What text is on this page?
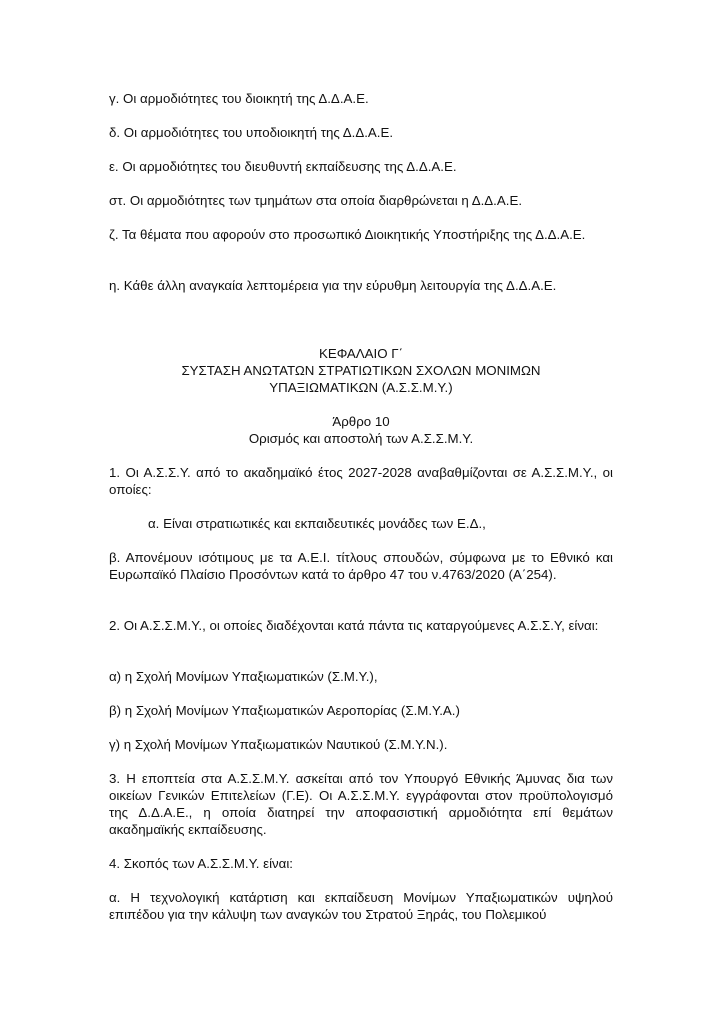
γ. Οι αρμοδιότητες του διοικητή της Δ.Δ.Α.Ε.

δ. Οι αρμοδιότητες του υποδιοικητή της Δ.Δ.Α.Ε.

ε. Οι αρμοδιότητες του διευθυντή εκπαίδευσης της Δ.Δ.Α.Ε.

στ. Οι αρμοδιότητες των τμημάτων στα οποία διαρθρώνεται η Δ.Δ.Α.Ε.

ζ. Τα θέματα που αφορούν στο προσωπικό Διοικητικής Υποστήριξης της Δ.Δ.Α.Ε.

η. Κάθε άλλη αναγκαία λεπτομέρεια για την εύρυθμη λειτουργία της Δ.Δ.Α.Ε.

ΚΕΦΑΛΑΙΟ Γ΄

ΣΥΣΤΑΣΗ ΑΝΩΤΑΤΩΝ ΣΤΡΑΤΙΩΤΙΚΩΝ ΣΧΟΛΩΝ ΜΟΝΙΜΩΝ

ΥΠΑΞΙΩΜΑΤΙΚΩΝ (Α.Σ.Σ.Μ.Υ.)

Άρθρο 10

Ορισμός και αποστολή των Α.Σ.Σ.Μ.Υ.

1. Οι Α.Σ.Σ.Υ. από το ακαδημαϊκό έτος 2027-2028 αναβαθμίζονται σε Α.Σ.Σ.Μ.Υ., οι οποίες:

α. Είναι στρατιωτικές και εκπαιδευτικές μονάδες των Ε.Δ.,

β. Απονέμουν ισότιμους με τα Α.Ε.Ι. τίτλους σπουδών, σύμφωνα με το Εθνικό και Ευρωπαϊκό Πλαίσιο Προσόντων κατά το άρθρο 47 του ν.4763/2020 (Α΄254).

2. Οι Α.Σ.Σ.Μ.Υ., οι οποίες διαδέχονται κατά πάντα τις καταργούμενες Α.Σ.Σ.Υ, είναι:

α) η Σχολή Μονίμων Υπαξιωματικών (Σ.Μ.Υ.),

β) η Σχολή Μονίμων Υπαξιωματικών Αεροπορίας (Σ.Μ.Υ.Α.)

γ) η Σχολή Μονίμων Υπαξιωματικών Ναυτικού (Σ.Μ.Υ.Ν.).

3. Η εποπτεία στα Α.Σ.Σ.Μ.Υ. ασκείται από τον Υπουργό Εθνικής Άμυνας δια των οικείων Γενικών Επιτελείων (Γ.Ε). Οι Α.Σ.Σ.Μ.Υ. εγγράφονται στον προϋπολογισμό της Δ.Δ.Α.Ε., η οποία διατηρεί την αποφασιστική αρμοδιότητα επί θεμάτων ακαδημαϊκής εκπαίδευσης.

4. Σκοπός των Α.Σ.Σ.Μ.Υ. είναι:

α. Η τεχνολογική κατάρτιση και εκπαίδευση Μονίμων Υπαξιωματικών υψηλού επιπέδου για την κάλυψη των αναγκών του Στρατού Ξηράς, του Πολεμικού
